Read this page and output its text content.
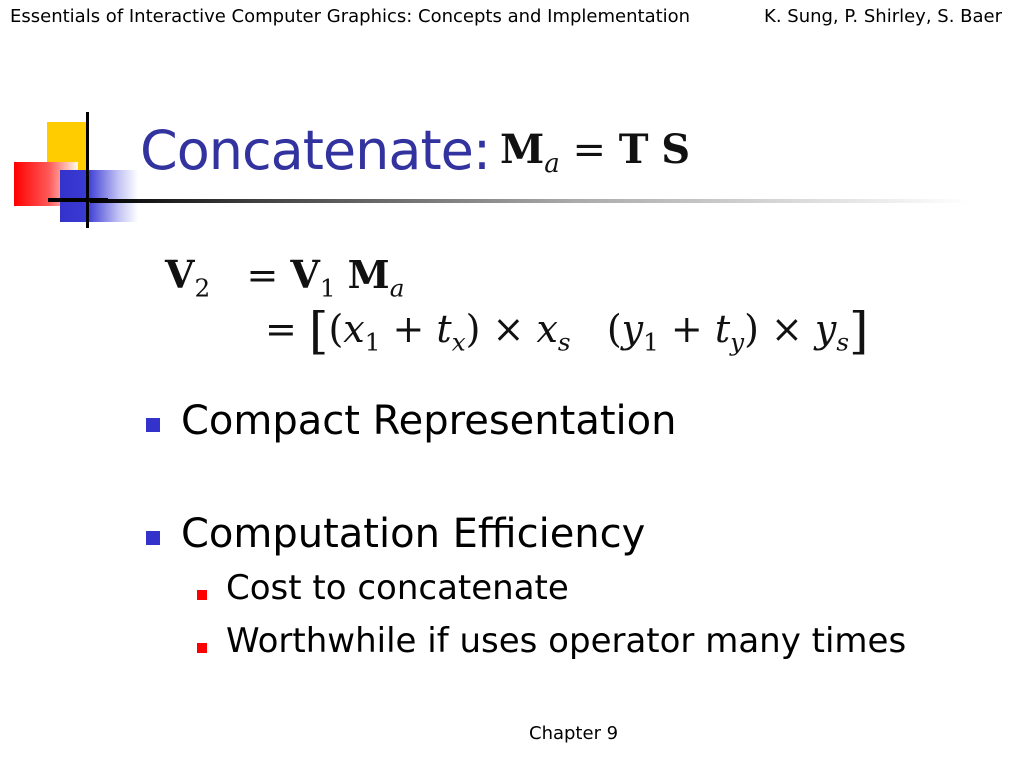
Essentials of Interactive Computer Graphics: Concepts and Implementation	K. Sung, P. Shirley, S. Baer
Concatenate: $M_a = T$ S
$V_2 = V_1$ $M_a$
= [$(x_1 + t_x) \times x_s$   $(y_1 + t_y) \times y_s$]
Compact Representation
Computation Efficiency
Cost to concatenate
Worthwhile if uses operator many times
Chapter 9
